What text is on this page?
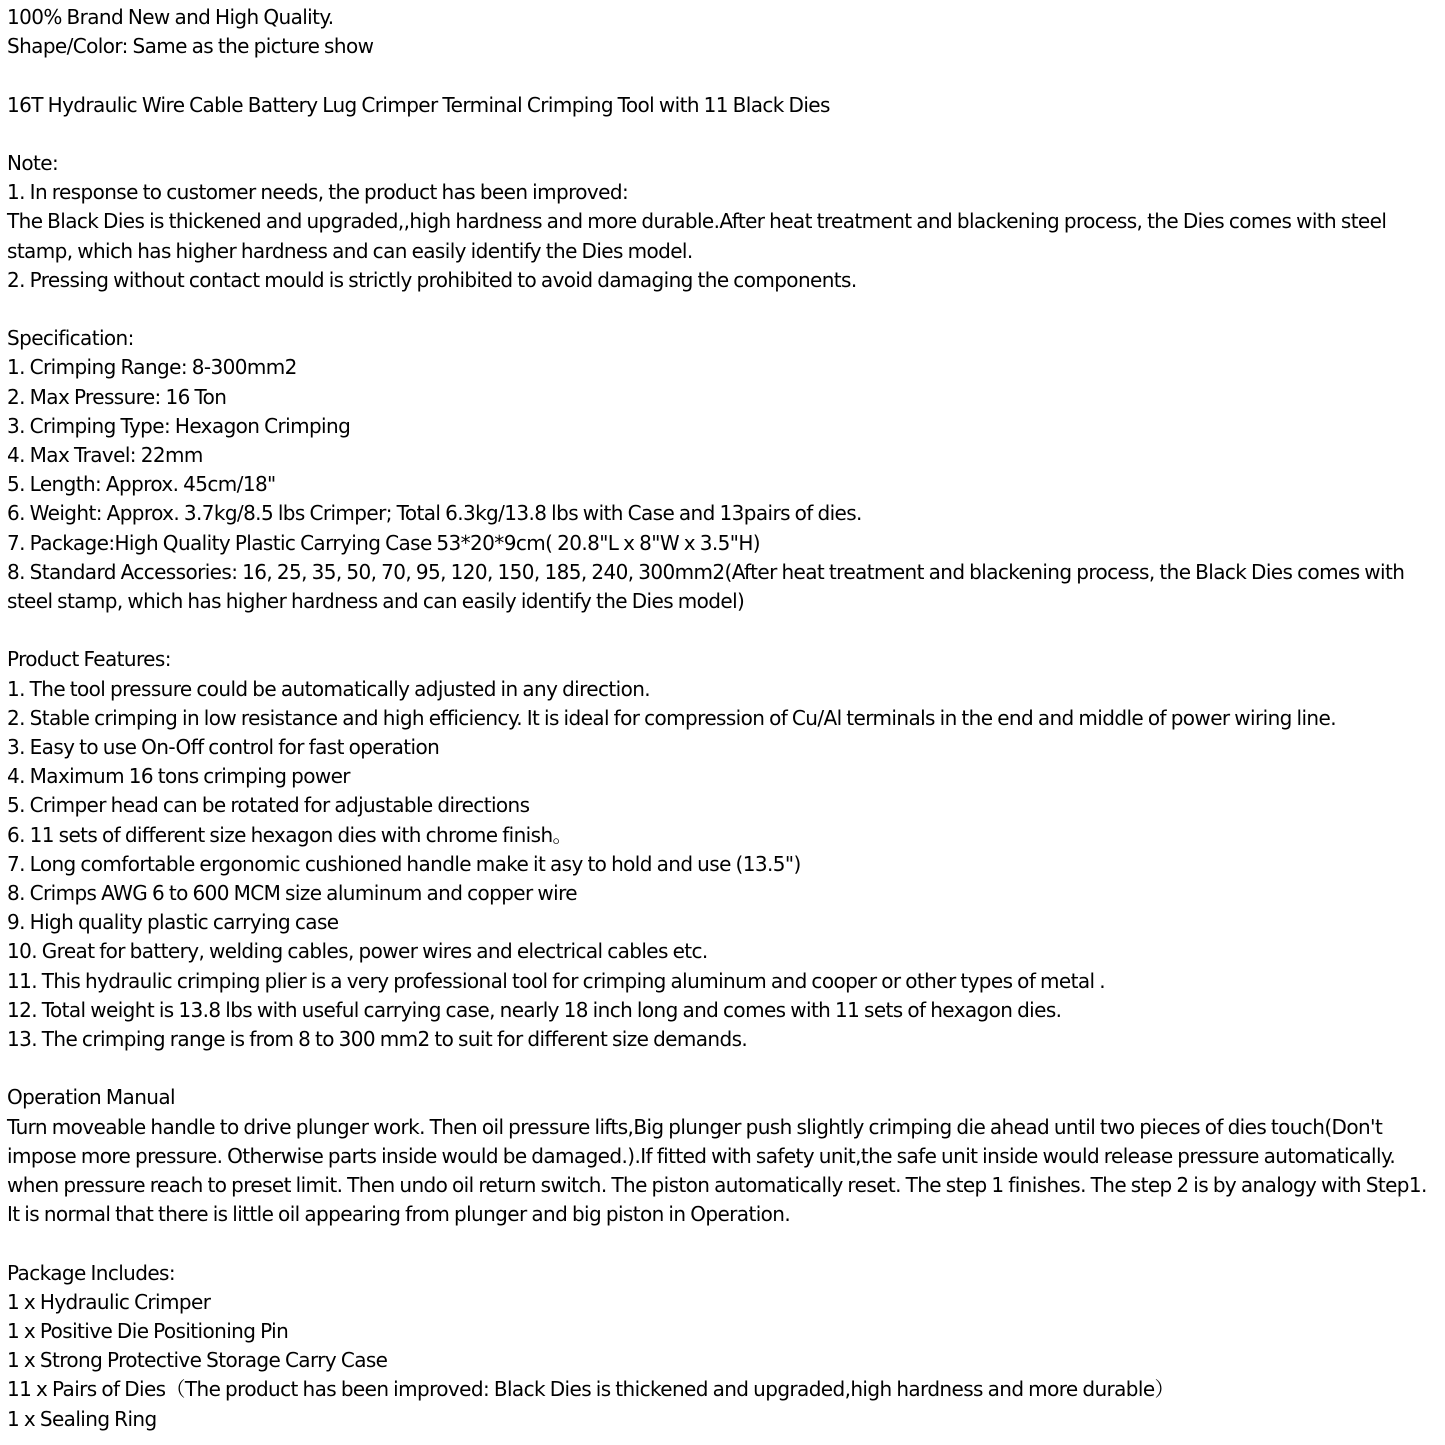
100% Brand New and High Quality.

Shape/Color: Same as the picture show

16T Hydraulic Wire Cable Battery Lug Crimper Terminal Crimping Tool with 11 Black Dies

Note:

1. In response to customer needs, the product has been improved:

The Black Dies is thickened and upgraded,,high hardness and more durable.After heat treatment and blackening process, the Dies comes with steel stamp, which has higher hardness and can easily identify the Dies model.

2. Pressing without contact mould is strictly prohibited to avoid damaging the components.

Specification:

1. Crimping Range: 8-300mm2

2. Max Pressure: 16 Ton

3. Crimping Type: Hexagon Crimping

4. Max Travel: 22mm

5. Length: Approx. 45cm/18"

6. Weight: Approx. 3.7kg/8.5 lbs Crimper; Total 6.3kg/13.8 lbs with Case and 13pairs of dies.

7. Package:High Quality Plastic Carrying Case 53*20*9cm( 20.8"L x 8"W x 3.5"H)

8. Standard Accessories: 16, 25, 35, 50, 70, 95, 120, 150, 185, 240, 300mm2(After heat treatment and blackening process, the Black Dies comes with steel stamp, which has higher hardness and can easily identify the Dies model)

Product Features:

1. The tool pressure could be automatically adjusted in any direction.

2. Stable crimping in low resistance and high efficiency. It is ideal for compression of Cu/Al terminals in the end and middle of power wiring line.

3. Easy to use On-Off control for fast operation

4. Maximum 16 tons crimping power

5. Crimper head can be rotated for adjustable directions

6. 11 sets of different size hexagon dies with chrome finish。

7. Long comfortable ergonomic cushioned handle make it asy to hold and use (13.5")

8. Crimps AWG 6 to 600 MCM size aluminum and copper wire

9. High quality plastic carrying case

10. Great for battery, welding cables, power wires and electrical cables etc.

11. This hydraulic crimping plier is a very professional tool for crimping aluminum and cooper or other types of metal .

12. Total weight is 13.8 lbs with useful carrying case, nearly 18 inch long and comes with 11 sets of hexagon dies.

13. The crimping range is from 8 to 300 mm2 to suit for different size demands.

Operation Manual

Turn moveable handle to drive plunger work. Then oil pressure lifts,Big plunger push slightly crimping die ahead until two pieces of dies touch(Don't impose more pressure. Otherwise parts inside would be damaged.).If fitted with safety unit,the safe unit inside would release pressure automatically. when pressure reach to preset limit. Then undo oil return switch. The piston automatically reset. The step 1 finishes. The step 2 is by analogy with Step1. It is normal that there is little oil appearing from plunger and big piston in Operation.

Package Includes:

1 x Hydraulic Crimper

1 x Positive Die Positioning Pin

1 x Strong Protective Storage Carry Case

11 x Pairs of Dies（The product has been improved: Black Dies is thickened and upgraded,high hardness and more durable）

1 x Sealing Ring
